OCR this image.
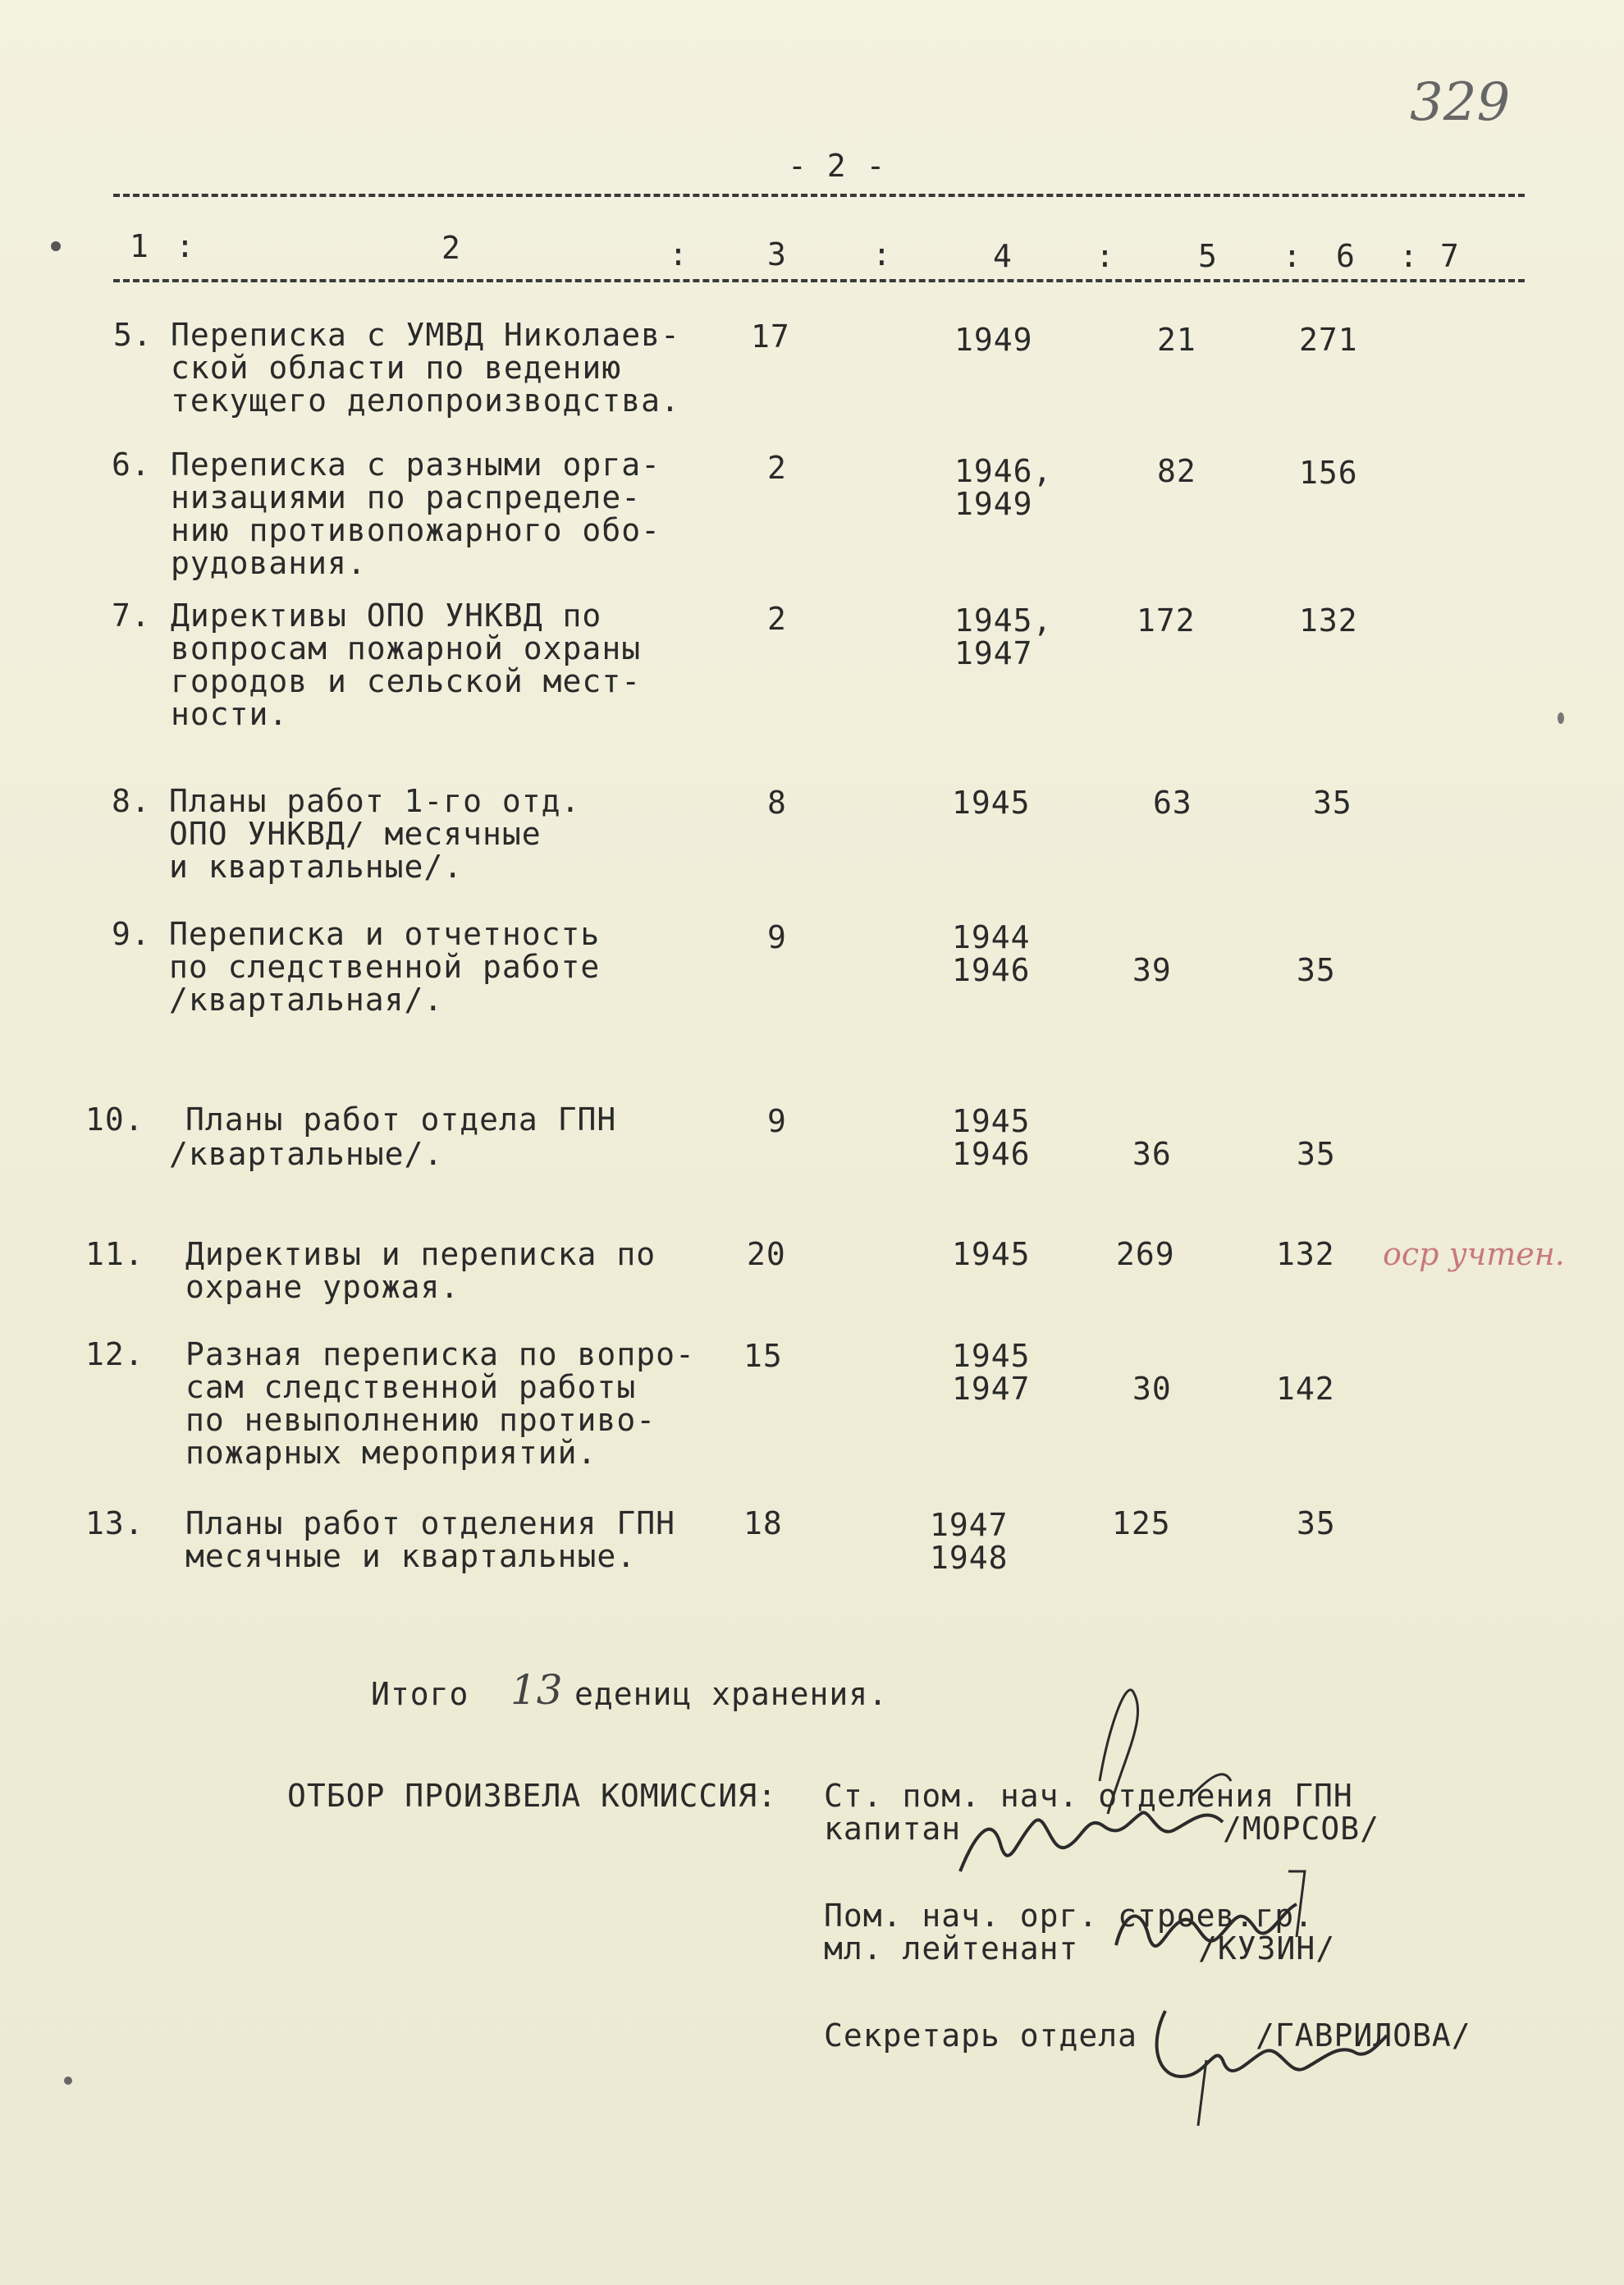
329
- 2 -
1 :	2	:	3	:	4	:	5 : 6 : 7
5. Переписка с УМВД Николаев-
ской области по ведению
текущего делопроизводства.
17	1949	21	271
6. Переписка с разными орга-
низациями по распределе-
нию противопожарного обо-
рудования.
2	1946,
1949
82	156
7. Директивы ОПО УНКВД по
вопросам пожарной охраны
городов и сельской мест-
ности.
2	1945,
1947
172	132
8. Планы работ 1-го отд.
ОПО УНКВД/ месячные
и квартальные/.
8	1945	63	35
9. Переписка и отчетность
по следственной работе
/квартальная/.
9	1944
1946	39	35
10. Планы работ отдела ГПН
/квартальные/.
9	1945
1946	36	35
11. Директивы и переписка по
охране урожая.
20	1945	269	132 оср учтен.
12. Разная переписка по вопро-
сам следственной работы
по невыполнению противо-
пожарных мероприятий.
15	1945
1947	30	142
13. Планы работ отделения ГПН
месячные и квартальные.
18	1947
1948
125	35
Итого 13 едениц хранения.
ОТБОР ПРОИЗВЕЛА КОМИССИЯ: Ст. пом. нач. отделения ГПН
капитан	/МОРСОВ/
Пом. нач. орг. строев.гр.
мл. лейтенант	/КУЗИН/
Секретарь отдела	/ГАВРИЛОВА/
